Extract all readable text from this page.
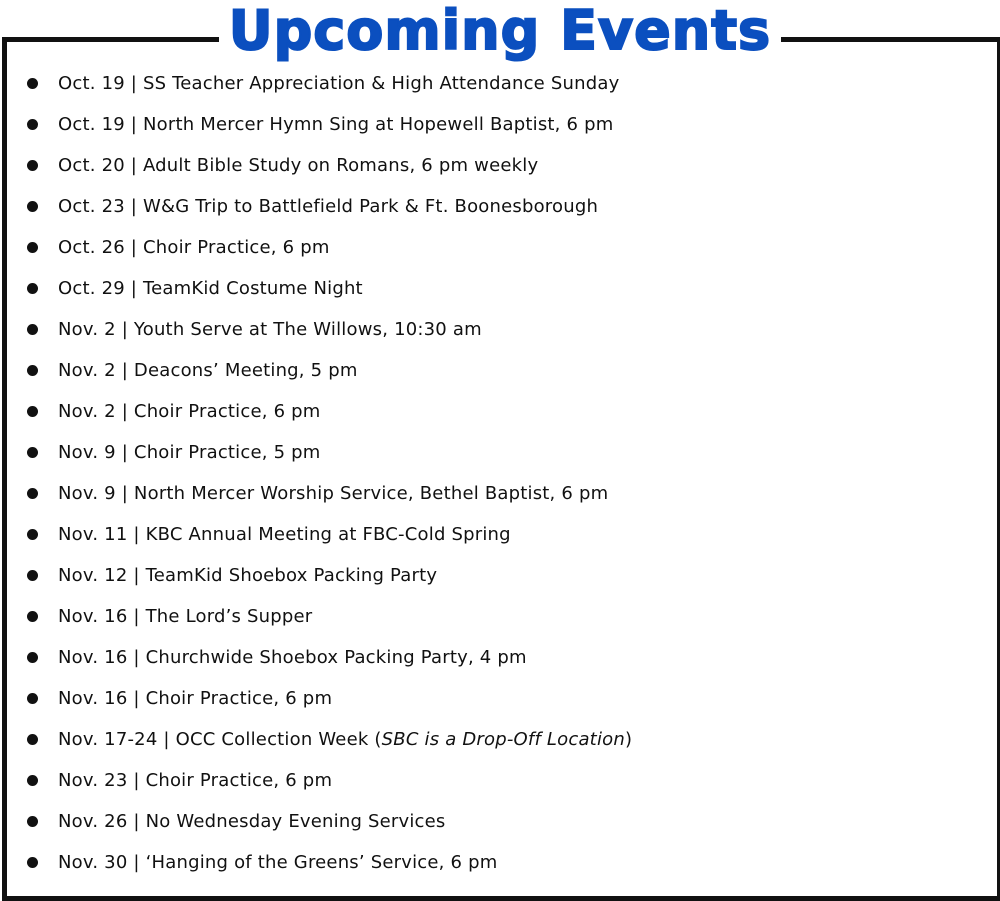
Upcoming Events
Oct. 19 | SS Teacher Appreciation & High Attendance Sunday
Oct. 19 | North Mercer Hymn Sing at Hopewell Baptist, 6 pm
Oct. 20 | Adult Bible Study on Romans, 6 pm weekly
Oct. 23 | W&G Trip to Battlefield Park & Ft. Boonesborough
Oct. 26 | Choir Practice, 6 pm
Oct. 29 | TeamKid Costume Night
Nov. 2 | Youth Serve at The Willows, 10:30 am
Nov. 2 | Deacons’ Meeting, 5 pm
Nov. 2 | Choir Practice, 6 pm
Nov. 9 | Choir Practice, 5 pm
Nov. 9 | North Mercer Worship Service, Bethel Baptist, 6 pm
Nov. 11 | KBC Annual Meeting at FBC-Cold Spring
Nov. 12 | TeamKid Shoebox Packing Party
Nov. 16 | The Lord’s Supper
Nov. 16 | Churchwide Shoebox Packing Party, 4 pm
Nov. 16 | Choir Practice, 6 pm
Nov. 17-24 | OCC Collection Week (SBC is a Drop-Off Location)
Nov. 23 | Choir Practice, 6 pm
Nov. 26 | No Wednesday Evening Services
Nov. 30 | ‘Hanging of the Greens’ Service, 6 pm
